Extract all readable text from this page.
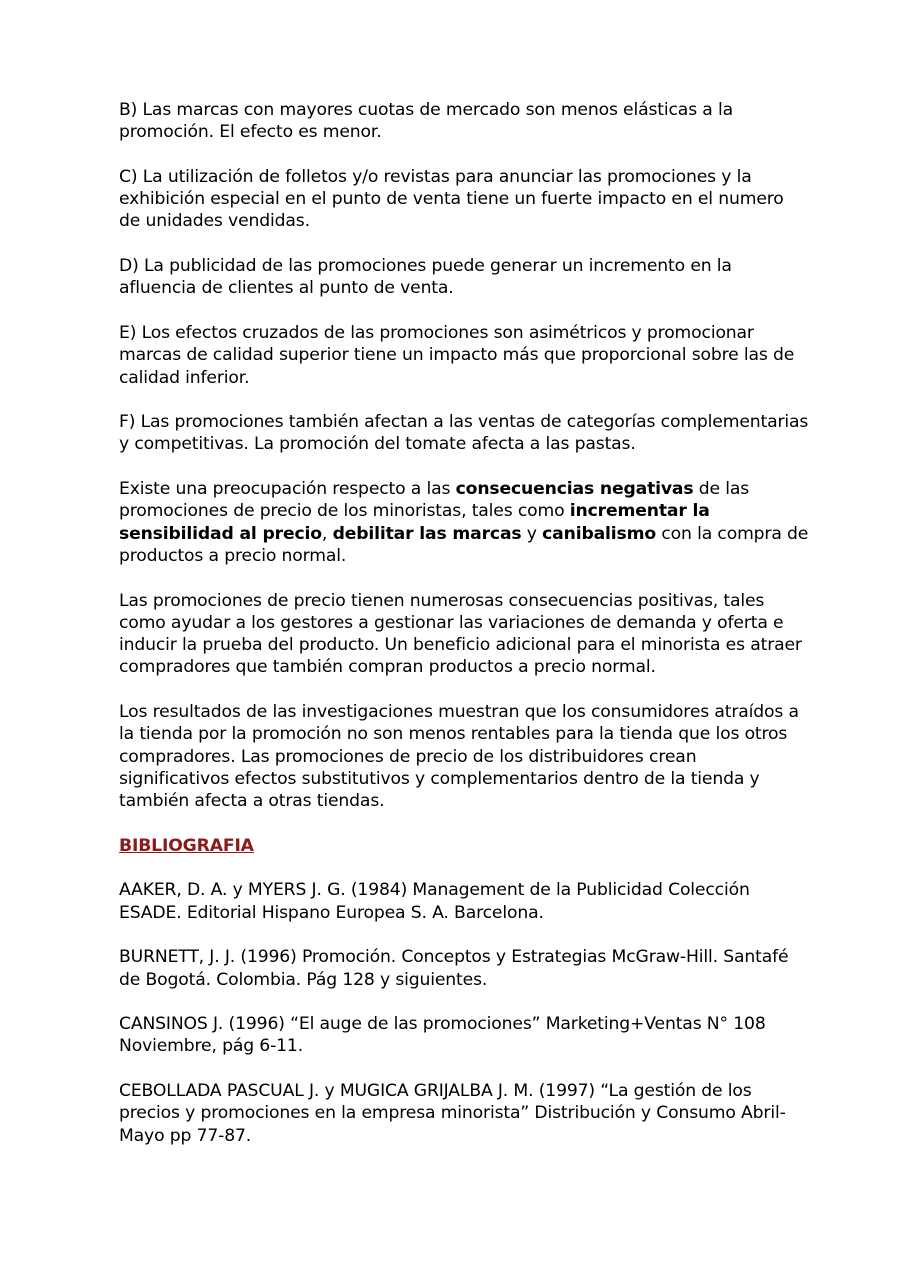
B) Las marcas con mayores cuotas de mercado son menos elásticas a la promoción. El efecto es menor.

C) La utilización de folletos y/o revistas para anunciar las promociones y la exhibición especial en el punto de venta tiene un fuerte impacto en el numero de unidades vendidas.

D) La publicidad de las promociones puede generar un incremento en la afluencia de clientes al punto de venta.

E) Los efectos cruzados de las promociones son asimétricos y promocionar marcas de calidad superior tiene un impacto más que proporcional sobre las de calidad inferior.

F) Las promociones también afectan a las ventas de categorías complementarias y competitivas. La promoción del tomate afecta a las pastas.

Existe una preocupación respecto a las consecuencias negativas de las promociones de precio de los minoristas, tales como incrementar la sensibilidad al precio, debilitar las marcas y canibalismo con la compra de productos a precio normal.

Las promociones de precio tienen numerosas consecuencias positivas, tales como ayudar a los gestores a gestionar las variaciones de demanda y oferta e inducir la prueba del producto. Un beneficio adicional para el minorista es atraer compradores que también compran productos a precio normal.

Los resultados de las investigaciones muestran que los consumidores atraídos a la tienda por la promoción no son menos rentables para la tienda que los otros compradores. Las promociones de precio de los distribuidores crean significativos efectos substitutivos y complementarios dentro de la tienda y también afecta a otras tiendas.

BIBLIOGRAFIA

AAKER, D. A. y MYERS J. G. (1984) Management de la Publicidad Colección ESADE. Editorial Hispano Europea S. A. Barcelona.

BURNETT, J. J. (1996) Promoción. Conceptos y Estrategias McGraw-Hill. Santafé de Bogotá. Colombia. Pág 128 y siguientes.

CANSINOS J. (1996) “El auge de las promociones” Marketing+Ventas N° 108 Noviembre, pág 6-11.

CEBOLLADA PASCUAL J. y MUGICA GRIJALBA J. M. (1997) “La gestión de los precios y promociones en la empresa minorista” Distribución y Consumo Abril-Mayo pp 77-87.
